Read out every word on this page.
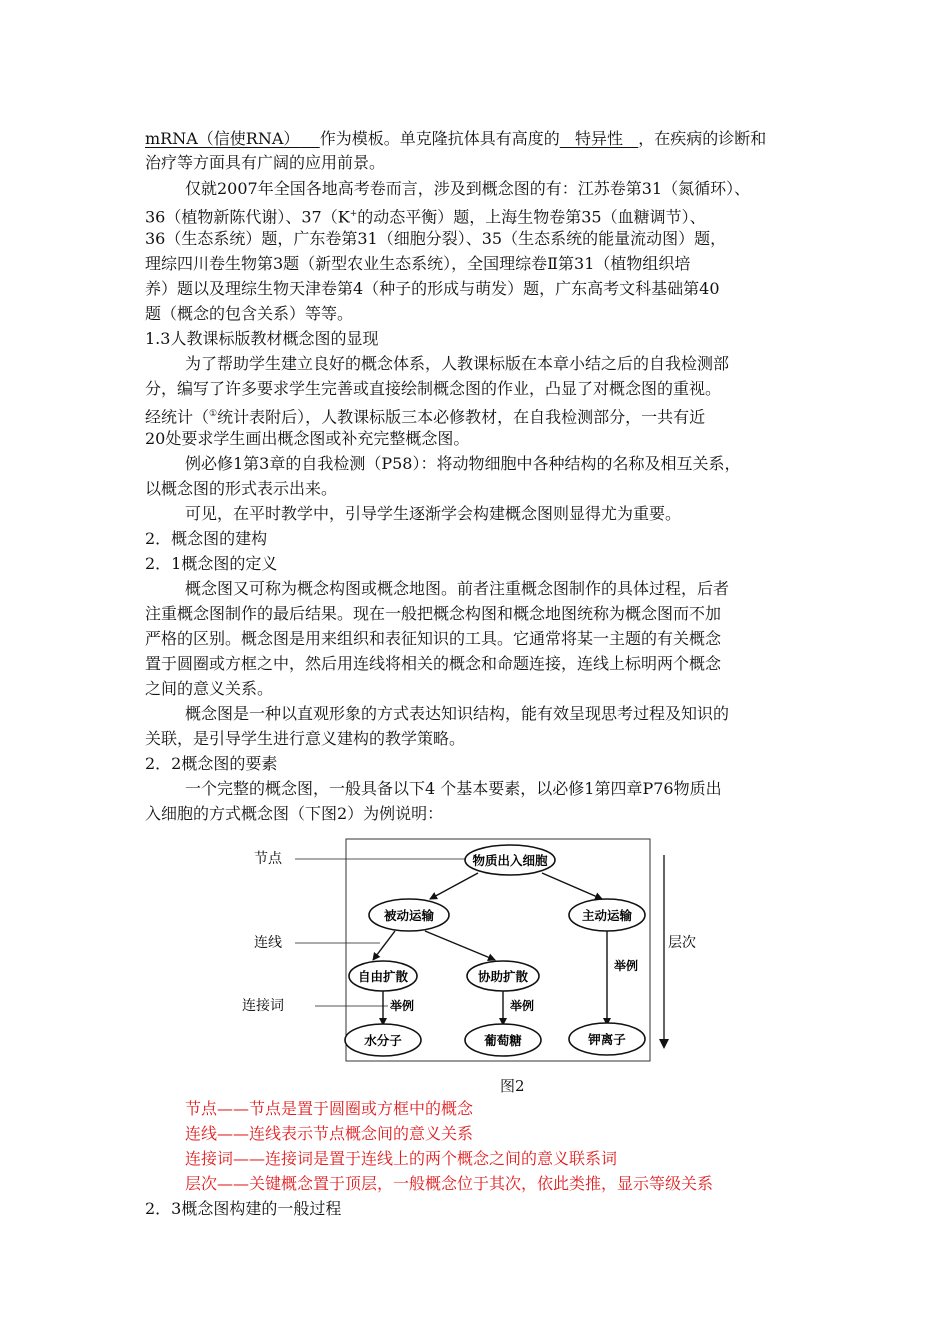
mRNA（信使RNA） 作为模板。单克隆抗体具有高度的 特异性 ，在疾病的诊断和
治疗等方面具有广阔的应用前景。
仅就2007年全国各地高考卷而言，涉及到概念图的有：江苏卷第31（氮循环）、
36（植物新陈代谢）、37（K+的动态平衡）题，上海生物卷第35（血糖调节）、
36（生态系统）题，广东卷第31（细胞分裂）、35（生态系统的能量流动图）题，
理综四川卷生物第3题（新型农业生态系统），全国理综卷Ⅱ第31（植物组织培
养）题以及理综生物天津卷第4（种子的形成与萌发）题，广东高考文科基础第40
题（概念的包含关系）等等。
1.3人教课标版教材概念图的显现
为了帮助学生建立良好的概念体系，人教课标版在本章小结之后的自我检测部
分，编写了许多要求学生完善或直接绘制概念图的作业，凸显了对概念图的重视。
经统计（①统计表附后），人教课标版三本必修教材，在自我检测部分，一共有近
20处要求学生画出概念图或补充完整概念图。
例必修1第3章的自我检测（P58）：将动物细胞中各种结构的名称及相互关系，
以概念图的形式表示出来。
可见，在平时教学中，引导学生逐渐学会构建概念图则显得尤为重要。
2．概念图的建构
2．1概念图的定义
概念图又可称为概念构图或概念地图。前者注重概念图制作的具体过程，后者
注重概念图制作的最后结果。现在一般把概念构图和概念地图统称为概念图而不加
严格的区别。概念图是用来组织和表征知识的工具。它通常将某一主题的有关概念
置于圆圈或方框之中，然后用连线将相关的概念和命题连接，连线上标明两个概念
之间的意义关系。
概念图是一种以直观形象的方式表达知识结构，能有效呈现思考过程及知识的
关联，是引导学生进行意义建构的教学策略。
2．2概念图的要素
一个完整的概念图，一般具备以下4 个基本要素，以必修1第四章P76物质出
入细胞的方式概念图（下图2）为例说明：
节点
连线
连接词
层次
举例	举例
举例
物质出入细胞
被动运输	主动运输
自由扩散	协助扩散
水分子	葡萄糖	钾离子
图2
节点——节点是置于圆圈或方框中的概念
连线——连线表示节点概念间的意义关系
连接词——连接词是置于连线上的两个概念之间的意义联系词
层次——关键概念置于顶层，一般概念位于其次，依此类推，显示等级关系
2．3概念图构建的一般过程
